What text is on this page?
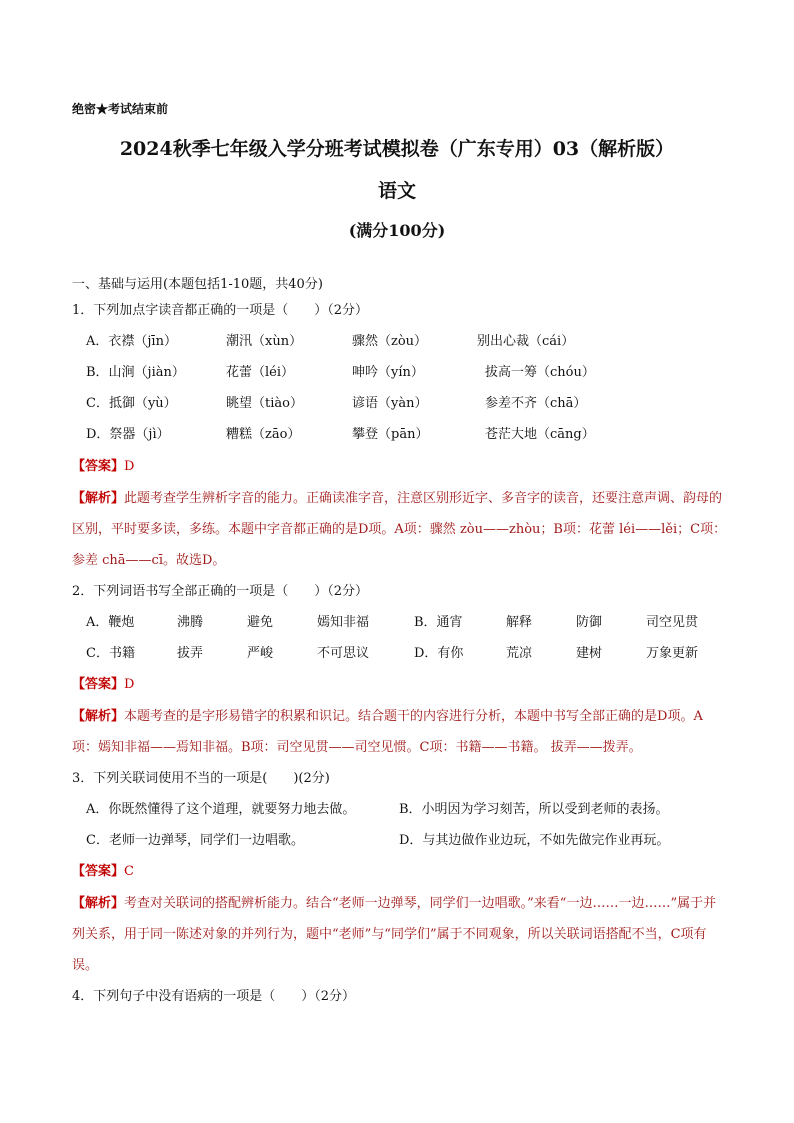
绝密★考试结束前
2024秋季七年级入学分班考试模拟卷（广东专用）03（解析版）
语文
(满分100分)
一、基础与运用(本题包括1-10题，共40分)
1．下列加点字读音都正确的一项是（　　）（2分）
A．衣襟（jīn）	潮汛（xùn）	骤然（zòu）	别出心裁（cái）
B．山涧（jiàn）	花蕾（léi）	呻吟（yín）	拔高一筹（chóu）
C．抵御（yù）	眺望（tiào）	谚语（yàn）	参差不齐（chā）
D．祭器（jì）	糟糕（zāo）	攀登（pān）	苍茫大地（cāng）
【答案】D
【解析】此题考查学生辨析字音的能力。正确读准字音，注意区别形近字、多音字的读音，还要注意声调、韵母的区别，平时要多读，多练。本题中字音都正确的是D项。A项：骤然 zòu——zhòu；B项：花蕾 léi——lěi；C项：参差 chā——cī。故选D。
2．下列词语书写全部正确的一项是（　　）（2分）
A．鞭炮	沸腾	避免	嫣知非福	B．通宵	解释	防御	司空见贯
C．书籍	拔弄	严峻	不可思议	D．有你	荒凉	建树	万象更新
【答案】D
【解析】本题考查的是字形易错字的积累和识记。结合题干的内容进行分析，本题中书写全部正确的是D项。A项：嫣知非福——焉知非福。B项：司空见贯——司空见惯。C项：书籍——书籍。 拔弄——拨弄。
3．下列关联词使用不当的一项是(　　)(2分)
A．你既然懂得了这个道理，就要努力地去做。	B．小明因为学习刻苦，所以受到老师的表扬。
C．老师一边弹琴，同学们一边唱歌。	D．与其边做作业边玩，不如先做完作业再玩。
【答案】C
【解析】考查对关联词的搭配辨析能力。结合“老师一边弹琴，同学们一边唱歌。”来看“一边……一边……”属于并列关系，用于同一陈述对象的并列行为，题中“老师”与“同学们”属于不同观象，所以关联词语搭配不当，C项有误。
4．下列句子中没有语病的一项是（　　）（2分）
